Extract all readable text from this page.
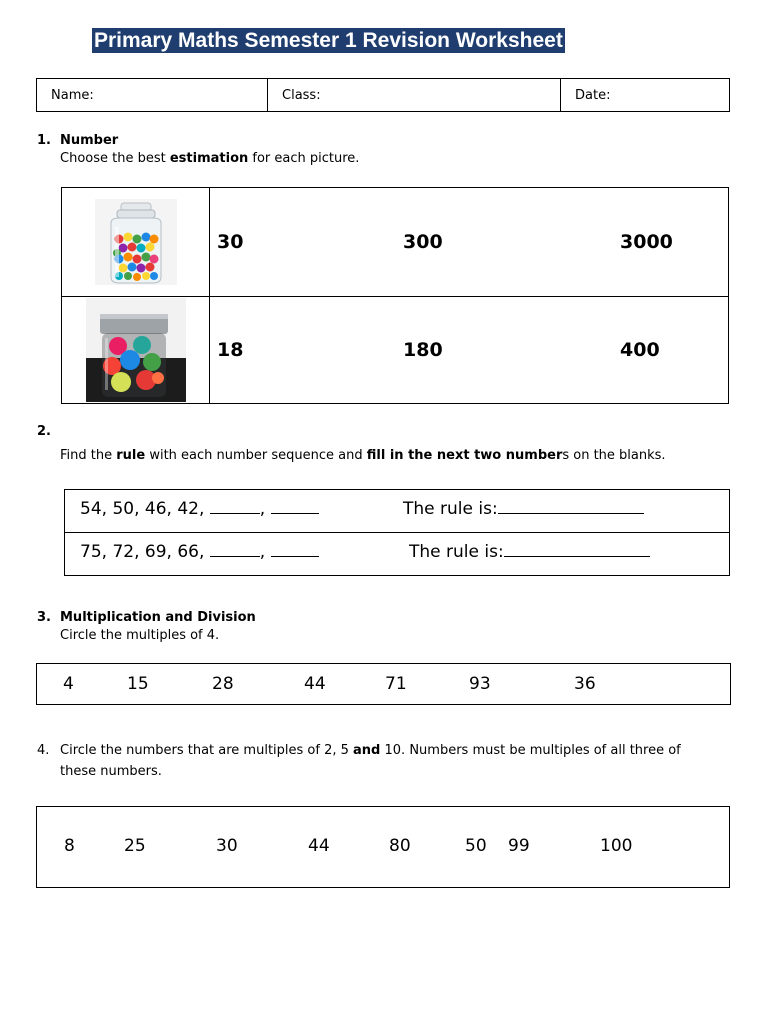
Primary Maths Semester 1 Revision Worksheet
Name:	Class:	Date:
1. Number
Choose the best estimation for each picture.

30 300 3000

18 180 400
2.
Find the rule with each number sequence and fill in the next two numbers on the blanks.
54, 50, 46, 42,	,	The rule is:

75, 72, 69, 66,	,	The rule is:
3. Multiplication and Division
Circle the multiples of 4.
4	15	28	44	71	93	36
4. Circle the numbers that are multiples of 2, 5 and 10. Numbers must be multiples of all three of
these numbers.
8	25	30	44	80	50 99	100
